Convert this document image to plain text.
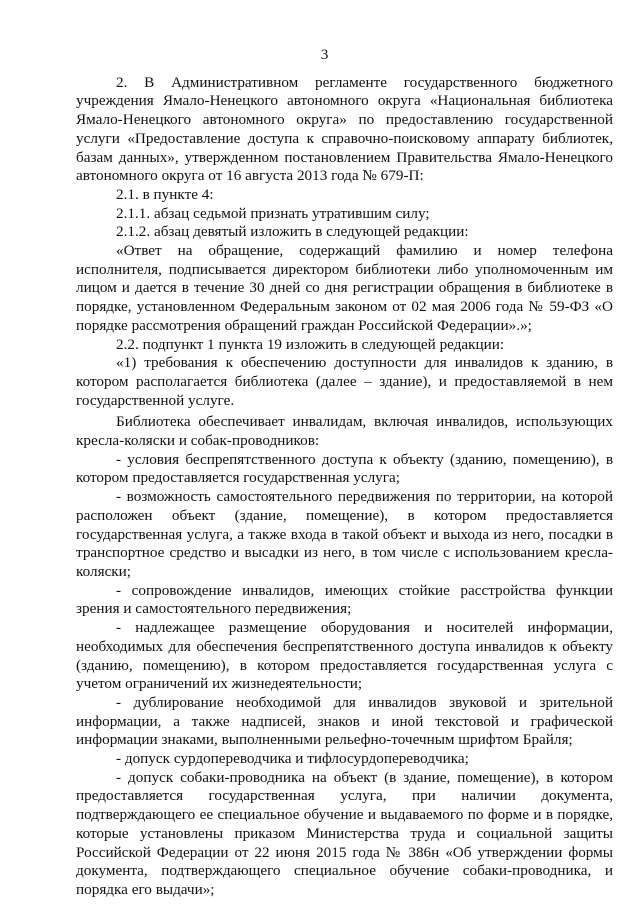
3

2. В Административном регламенте государственного бюджетного учреждения Ямало-Ненецкого автономного округа «Национальная библиотека Ямало-Ненецкого автономного округа» по предоставлению государственной услуги «Предоставление доступа к справочно-поисковому аппарату библиотек, базам данных», утвержденном постановлением Правительства Ямало-Ненецкого автономного округа от 16 августа 2013 года № 679-П:

2.1. в пункте 4:

2.1.1. абзац седьмой признать утратившим силу;

2.1.2. абзац девятый изложить в следующей редакции:

«Ответ на обращение, содержащий фамилию и номер телефона исполнителя, подписывается директором библиотеки либо уполномоченным им лицом и дается в течение 30 дней со дня регистрации обращения в библиотеке в порядке, установленном Федеральным законом от 02 мая 2006 года № 59-ФЗ «О порядке рассмотрения обращений граждан Российской Федерации».»;

2.2. подпункт 1 пункта 19 изложить в следующей редакции:

«1) требования к обеспечению доступности для инвалидов к зданию, в котором располагается библиотека (далее – здание), и предоставляемой в нем государственной услуге.

Библиотека обеспечивает инвалидам, включая инвалидов, использующих кресла-коляски и собак-проводников:

- условия беспрепятственного доступа к объекту (зданию, помещению), в котором предоставляется государственная услуга;

- возможность самостоятельного передвижения по территории, на которой расположен объект (здание, помещение), в котором предоставляется государственная услуга, а также входа в такой объект и выхода из него, посадки в транспортное средство и высадки из него, в том числе с использованием кресла-коляски;

- сопровождение инвалидов, имеющих стойкие расстройства функции зрения и самостоятельного передвижения;

- надлежащее размещение оборудования и носителей информации, необходимых для обеспечения беспрепятственного доступа инвалидов к объекту (зданию, помещению), в котором предоставляется государственная услуга с учетом ограничений их жизнедеятельности;

- дублирование необходимой для инвалидов звуковой и зрительной информации, а также надписей, знаков и иной текстовой и графической информации знаками, выполненными рельефно-точечным шрифтом Брайля;

- допуск сурдопереводчика и тифлосурдопереводчика;

- допуск собаки-проводника на объект (в здание, помещение), в котором предоставляется государственная услуга, при наличии документа, подтверждающего ее специальное обучение и выдаваемого по форме и в порядке, которые установлены приказом Министерства труда и социальной защиты Российской Федерации от 22 июня 2015 года № 386н «Об утверждении формы документа, подтверждающего специальное обучение собаки-проводника, и порядка его выдачи»;
